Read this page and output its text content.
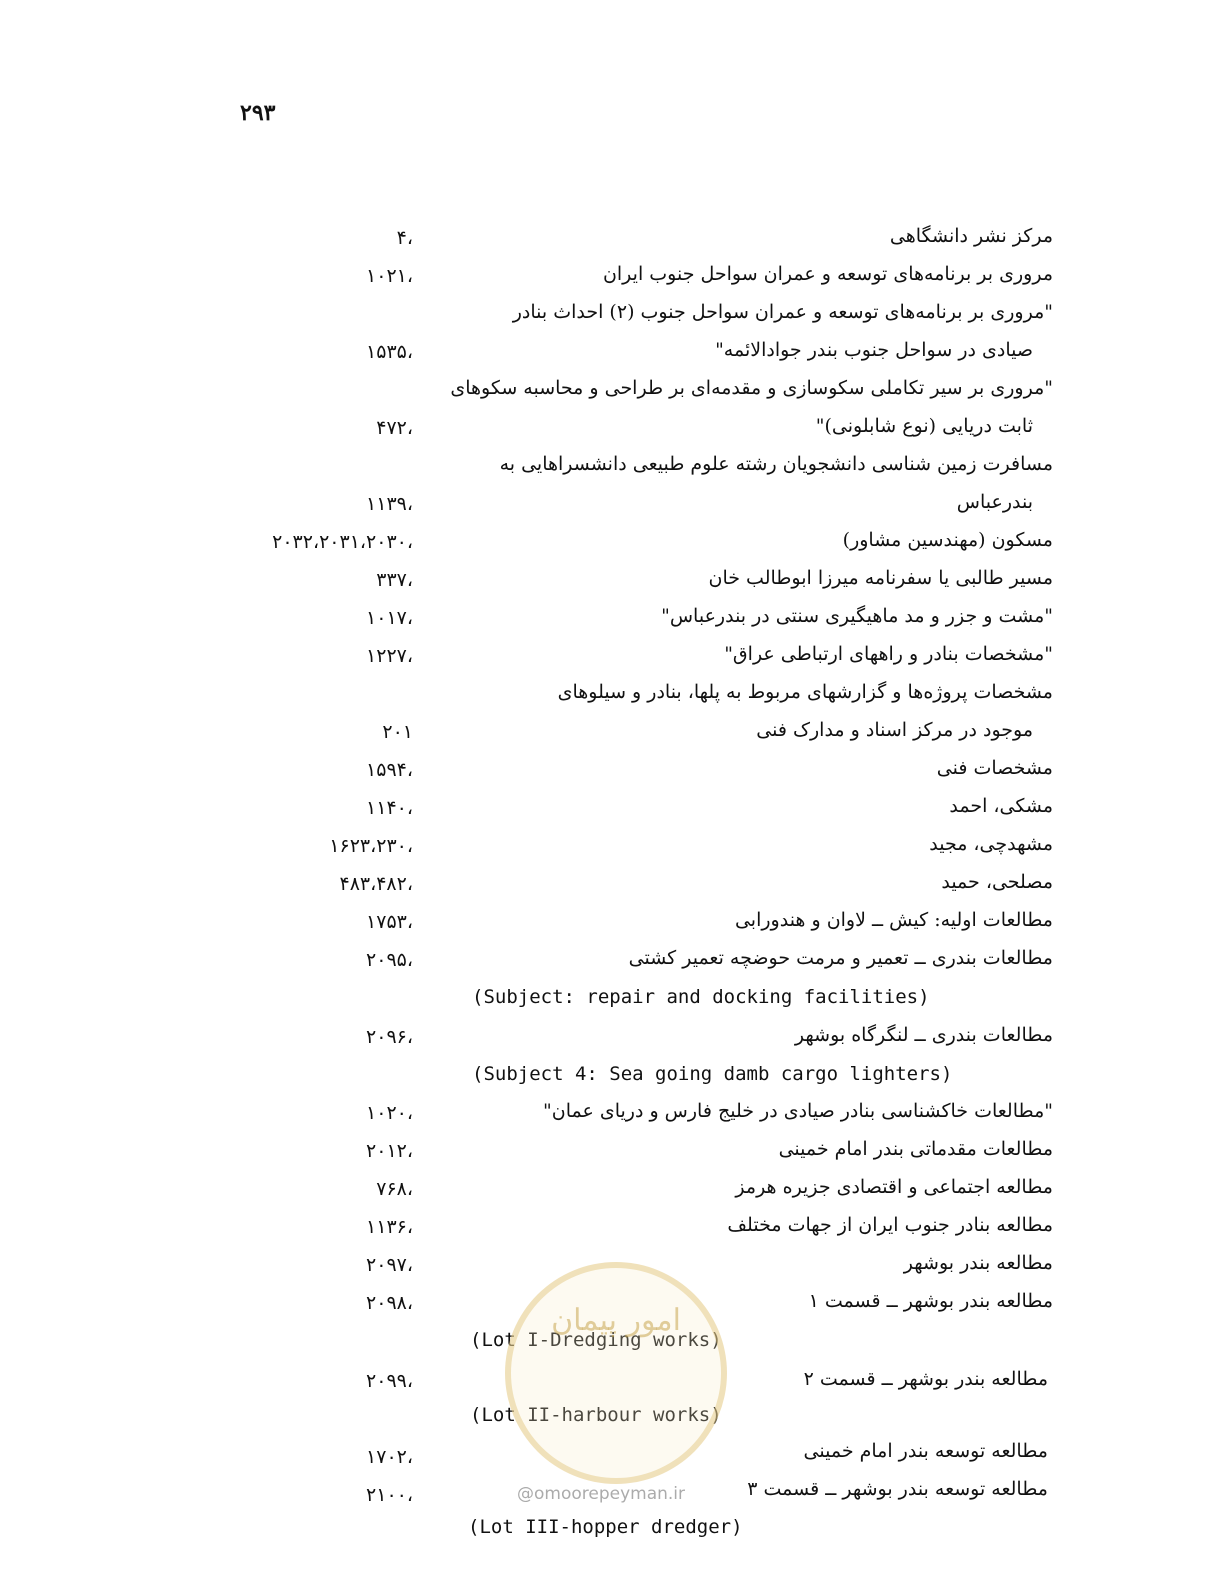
۲۹۳
مرکز نشر دانشگاهی
،۴
مروری بر برنامه‌های توسعه و عمران سواحل جنوب ایران
،۱۰۲۱
"مروری بر برنامه‌های توسعه و عمران سواحل جنوب (۲) احداث بنادر
صیادی در سواحل جنوب بندر جوادالائمه"
،۱۵۳۵
"مروری بر سیر تکاملی سکوسازی و مقدمه‌ای بر طراحی و محاسبه سکوهای
ثابت دریایی (نوع شابلونی)"
،۴۷۲
مسافرت زمین شناسی دانشجویان رشته علوم طبیعی دانشسراهایی به
بندرعباس
،۱۱۳۹
مسکون (مهندسین مشاور)
،۲۰۳۲،۲۰۳۱،۲۰۳۰
مسیر طالبی یا سفرنامه میرزا ابوطالب خان
،۳۳۷
"مشت و جزر و مد ماهیگیری سنتی در بندرعباس"
،۱۰۱۷
"مشخصات بنادر و راههای ارتباطی عراق"
،۱۲۲۷
مشخصات پروژه‌ها و گزارشهای مربوط به پلها، بنادر و سیلوهای
موجود در مرکز اسناد و مدارک فنی
۲۰۱
مشخصات فنی
،۱۵۹۴
مشکی، احمد
،۱۱۴۰
مشهدچی، مجید
،۱۶۲۳،۲۳۰
مصلحی، حمید
،۴۸۳،۴۸۲
مطالعات اولیه: کیش ــ لاوان و هندورابی
،۱۷۵۳
مطالعات بندری ــ تعمیر و مرمت حوضچه تعمیر کشتی
،۲۰۹۵
(Subject: repair and docking facilities)
مطالعات بندری ــ لنگرگاه بوشهر
،۲۰۹۶
(Subject 4: Sea going damb cargo lighters)
"مطالعات خاکشناسی بنادر صیادی در خلیج فارس و دریای عمان"
،۱۰۲۰
مطالعات مقدماتی بندر امام خمینی
،۲۰۱۲
مطالعه اجتماعی و اقتصادی جزیره هرمز
،۷۶۸
مطالعه بنادر جنوب ایران از جهات مختلف
،۱۱۳۶
مطالعه بندر بوشهر
،۲۰۹۷
مطالعه بندر بوشهر ــ قسمت ۱
،۲۰۹۸
(Lot I-Dredging works)
مطالعه بندر بوشهر ــ قسمت ۲
،۲۰۹۹
(Lot II-harbour works)
مطالعه توسعه بندر امام خمینی
،۱۷۰۲
مطالعه توسعه بندر بوشهر ــ قسمت ۳
،۲۱۰۰
(Lot III-hopper dredger)
امور پیمان
@omoorepeyman.ir
